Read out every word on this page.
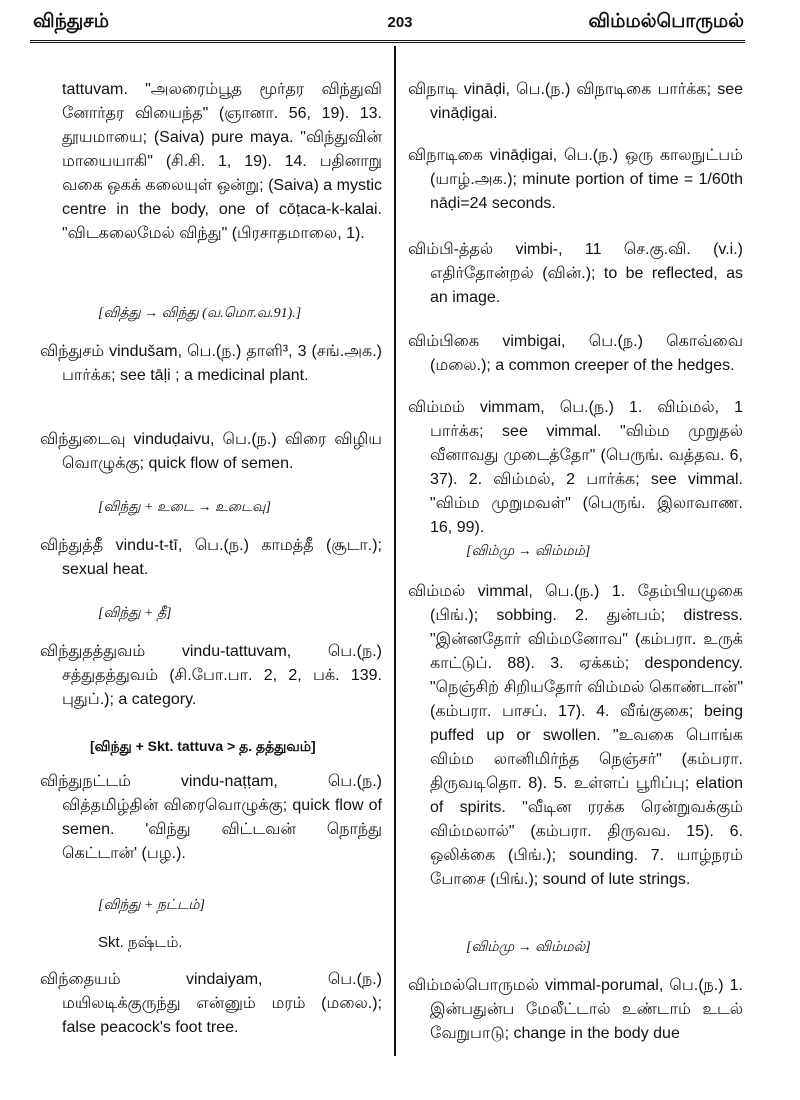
விந்துசம்	203	விம்மல்பொருமல்

tattuvam. "அலரைம்பூத மூர்தர விந்துவி னோர்தர வியைந்த" (ஞானா. 56, 19). 13. தூயமாயை; (Saiva) pure maya. "விந்துவின் மாயையாகி" (சி.சி. 1, 19). 14. பதினாறு வகை ஒகக் கலையுள் ஒன்று; (Saiva) a mystic centre in the body, one of cōṭaca-k-kalai. "விடகலைமேல் விந்து" (பிரசாதமாலை, 1).

[வித்து → விந்து (வ.மொ.வ.91).]

விந்துசம் vindušam, பெ.(ந.) தாளி³, 3 (சங்.அக.) பார்க்க; see tāḷi ; a medicinal plant.

விந்துடைவு vinduḍaivu, பெ.(ந.) விரை விழிய வொழுக்கு; quick flow of semen.

[விந்து + உடை → உடைவு]

விந்துத்தீ vindu-t-tī, பெ.(ந.) காமத்தீ (சூடா.); sexual heat.

[விந்து + தீ]

விந்துதத்துவம் vindu-tattuvam, பெ.(ந.) சத்துதத்துவம் (சி.போ.பா. 2, 2, பக். 139. புதுப்.); a category.

[விந்து + Skt. tattuva > த. தத்துவம்]

விந்துநட்டம் vindu-naṭṭam, பெ.(ந.) வித்தமிழ்தின் விரைவொழுக்கு; quick flow of semen. 'விந்து விட்டவன் நொந்து கெட்டான்' (பழ.).

[விந்து + நட்டம்]

Skt. நஷ்டம்.

விந்தையம் vindaiyam, பெ.(ந.) மயிலடிக்குருந்து என்னும் மரம் (மலை.); false peacock's foot tree.

விநாடி vināḍi, பெ.(ந.) விநாடிகை பார்க்க; see vināḍigai.

விநாடிகை vināḍigai, பெ.(ந.) ஒரு காலநுட்பம் (யாழ்.அக.); minute portion of time = 1/60th nāḍi=24 seconds.

விம்பி-த்தல் vimbi-, 11 செ.கு.வி. (v.i.) எதிர்தோன்றல் (வின்.); to be reflected, as an image.

விம்பிகை vimbigai, பெ.(ந.) கொவ்வை (மலை.); a common creeper of the hedges.

விம்மம் vimmam, பெ.(ந.) 1. விம்மல், 1 பார்க்க; see vimmal. "விம்ம முறுதல் வீனாவது முடைத்தோ" (பெருங். வத்தவ. 6, 37). 2. விம்மல், 2 பார்க்க; see vimmal. "விம்ம முறுமவள்" (பெருங். இலாவாண. 16, 99).

[விம்மு → விம்மம்]

விம்மல் vimmal, பெ.(ந.) 1. தேம்பியழுகை (பிங்.); sobbing. 2. துன்பம்; distress. "இன்னதோர் விம்மனோவ" (கம்பரா. உருக் காட்டுப். 88). 3. ஏக்கம்; despondency. "நெஞ்சிற் சிறியதோர் விம்மல் கொண்டான்" (கம்பரா. பாசப். 17). 4. வீங்குகை; being puffed up or swollen. "உவகை பொங்க விம்ம லானிமிர்ந்த நெஞ்சர்" (கம்பரா. திருவடிதொ. 8). 5. உள்ளப் பூரிப்பு; elation of spirits. "வீடின ரரக்க ரென்றுவக்கும் விம்மலால்" (கம்பரா. திருவவ. 15). 6. ஒலிக்கை (பிங்.); sounding. 7. யாழ்நரம் போசை (பிங்.); sound of lute strings.

[விம்மு → விம்மல்]

விம்மல்பொருமல் vimmal-porumal, பெ.(ந.) 1. இன்பதுன்ப மேலீட்டால் உண்டாம் உடல் வேறுபாடு; change in the body due
